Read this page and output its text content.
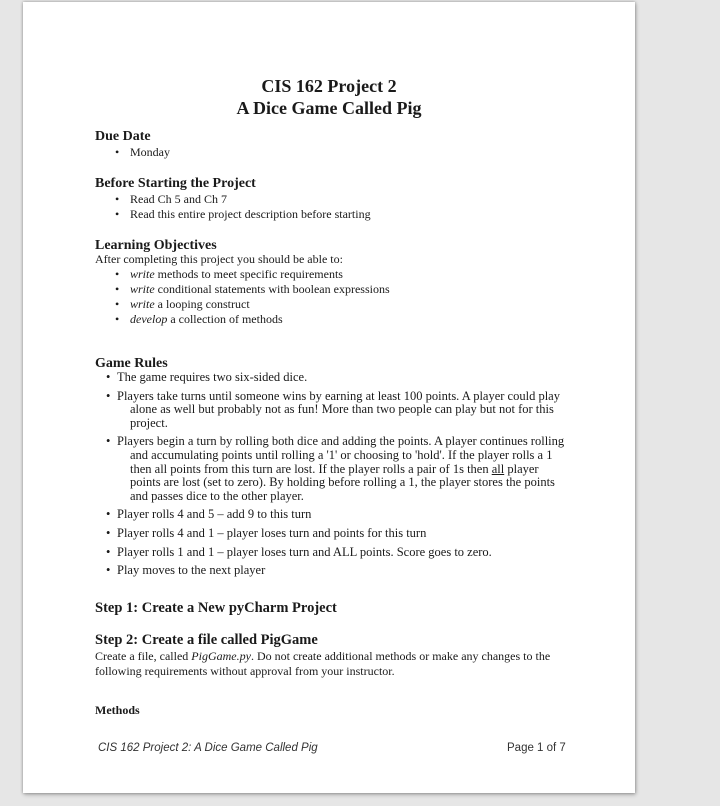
CIS 162 Project 2
A Dice Game Called Pig
Due Date
• Monday
Before Starting the Project
• Read Ch 5 and Ch 7
• Read this entire project description before starting
Learning Objectives
After completing this project you should be able to:
• write methods to meet specific requirements
• write conditional statements with boolean expressions
• write a looping construct
• develop a collection of methods
Game Rules
• The game requires two six-sided dice.
• Players take turns until someone wins by earning at least 100 points. A player could play alone as well but probably not as fun! More than two people can play but not for this project.
• Players begin a turn by rolling both dice and adding the points. A player continues rolling and accumulating points until rolling a '1' or choosing to 'hold'. If the player rolls a 1 then all points from this turn are lost. If the player rolls a pair of 1s then all player points are lost (set to zero). By holding before rolling a 1, the player stores the points and passes dice to the other player.
• Player rolls 4 and 5 – add 9 to this turn
• Player rolls 4 and 1 – player loses turn and points for this turn
• Player rolls 1 and 1 – player loses turn and ALL points. Score goes to zero.
• Play moves to the next player
Step 1: Create a New pyCharm Project
Step 2: Create a file called PigGame
Create a file, called PigGame.py. Do not create additional methods or make any changes to the following requirements without approval from your instructor.
Methods
CIS 162 Project 2: A Dice Game Called Pig	Page 1 of 7
